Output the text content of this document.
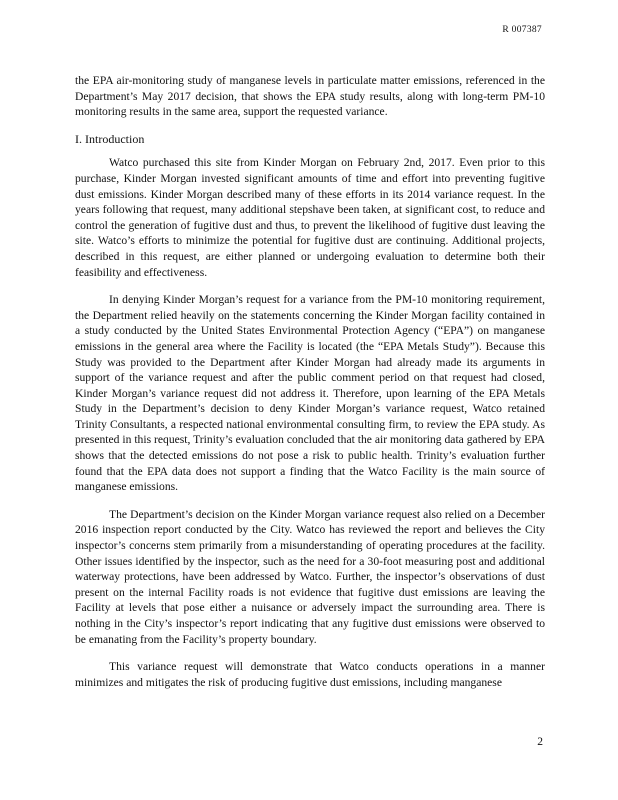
R 007387

the EPA air-monitoring study of manganese levels in particulate matter emissions, referenced in the Department’s May 2017 decision, that shows the EPA study results, along with long-term PM-10 monitoring results in the same area, support the requested variance.

I. Introduction

Watco purchased this site from Kinder Morgan on February 2nd, 2017. Even prior to this purchase, Kinder Morgan invested significant amounts of time and effort into preventing fugitive dust emissions. Kinder Morgan described many of these efforts in its 2014 variance request. In the years following that request, many additional stepshave been taken, at significant cost, to reduce and control the generation of fugitive dust and thus, to prevent the likelihood of fugitive dust leaving the site. Watco’s efforts to minimize the potential for fugitive dust are continuing. Additional projects, described in this request, are either planned or undergoing evaluation to determine both their feasibility and effectiveness.

In denying Kinder Morgan’s request for a variance from the PM-10 monitoring requirement, the Department relied heavily on the statements concerning the Kinder Morgan facility contained in a study conducted by the United States Environmental Protection Agency (“EPA”) on manganese emissions in the general area where the Facility is located (the “EPA Metals Study”). Because this Study was provided to the Department after Kinder Morgan had already made its arguments in support of the variance request and after the public comment period on that request had closed, Kinder Morgan’s variance request did not address it. Therefore, upon learning of the EPA Metals Study in the Department’s decision to deny Kinder Morgan’s variance request, Watco retained Trinity Consultants, a respected national environmental consulting firm, to review the EPA study. As presented in this request, Trinity’s evaluation concluded that the air monitoring data gathered by EPA shows that the detected emissions do not pose a risk to public health. Trinity’s evaluation further found that the EPA data does not support a finding that the Watco Facility is the main source of manganese emissions.

The Department’s decision on the Kinder Morgan variance request also relied on a December 2016 inspection report conducted by the City. Watco has reviewed the report and believes the City inspector’s concerns stem primarily from a misunderstanding of operating procedures at the facility. Other issues identified by the inspector, such as the need for a 30-foot measuring post and additional waterway protections, have been addressed by Watco. Further, the inspector’s observations of dust present on the internal Facility roads is not evidence that fugitive dust emissions are leaving the Facility at levels that pose either a nuisance or adversely impact the surrounding area. There is nothing in the City’s inspector’s report indicating that any fugitive dust emissions were observed to be emanating from the Facility’s property boundary.

This variance request will demonstrate that Watco conducts operations in a manner minimizes and mitigates the risk of producing fugitive dust emissions, including manganese

2
